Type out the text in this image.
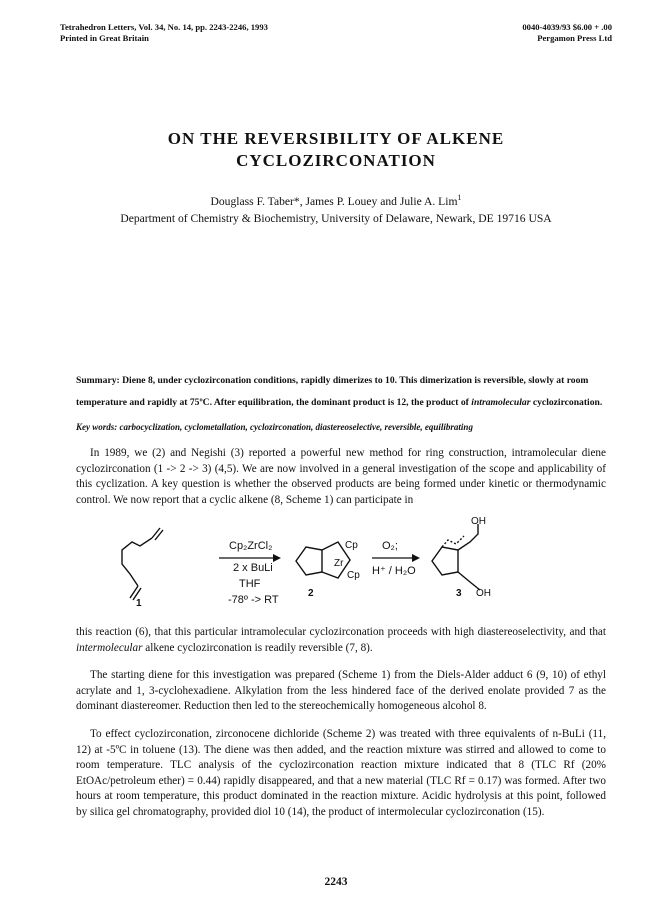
Tetrahedron Letters, Vol. 34, No. 14, pp. 2243-2246, 1993
Printed in Great Britain
0040-4039/93 $6.00 + .00
Pergamon Press Ltd
ON THE REVERSIBILITY OF ALKENE
CYCLOZIRCONATION
Douglass F. Taber*, James P. Louey and Julie A. Lim$^1$
Department of Chemistry & Biochemistry, University of Delaware, Newark, DE 19716 USA
Summary: Diene 8, under cyclozirconation conditions, rapidly dimerizes to 10. This dimerization is reversible, slowly at room temperature and rapidly at 75ºC. After equilibration, the dominant product is 12, the product of intramolecular cyclozirconation.
Key words: carbocyclization, cyclometallation, cyclozirconation, diastereoselective, reversible, equilibrating
In 1989, we (2) and Negishi (3) reported a powerful new method for ring construction, intramolecular diene cyclozirconation (1 -> 2 -> 3) (4,5). We are now involved in a general investigation of the scope and applicability of this cyclization. A key question is whether the observed products are being formed under kinetic or thermodynamic control. We now report that a cyclic alkene (8, Scheme 1) can participate in
1
Cp₂ZrCl₂
2 x BuLi
THF
-78º -> RT
Cp
Zr
Cp
2
O₂;
H⁺ / H₂O
OH
3 OH
this reaction (6), that this particular intramolecular cyclozirconation proceeds with high diastereoselectivity, and that intermolecular alkene cyclozirconation is readily reversible (7, 8).
The starting diene for this investigation was prepared (Scheme 1) from the Diels-Alder adduct 6 (9, 10) of ethyl acrylate and 1, 3-cyclohexadiene. Alkylation from the less hindered face of the derived enolate provided 7 as the dominant diastereomer. Reduction then led to the stereochemically homogeneous alcohol 8.
To effect cyclozirconation, zirconocene dichloride (Scheme 2) was treated with three equivalents of n-BuLi (11, 12) at -5ºC in toluene (13). The diene was then added, and the reaction mixture was stirred and allowed to come to room temperature. TLC analysis of the cyclozirconation reaction mixture indicated that 8 (TLC Rf (20% EtOAc/petroleum ether) = 0.44) rapidly disappeared, and that a new material (TLC Rf = 0.17) was formed. After two hours at room temperature, this product dominated in the reaction mixture. Acidic hydrolysis at this point, followed by silica gel chromatography, provided diol 10 (14), the product of intermolecular cyclozirconation (15).
2243
